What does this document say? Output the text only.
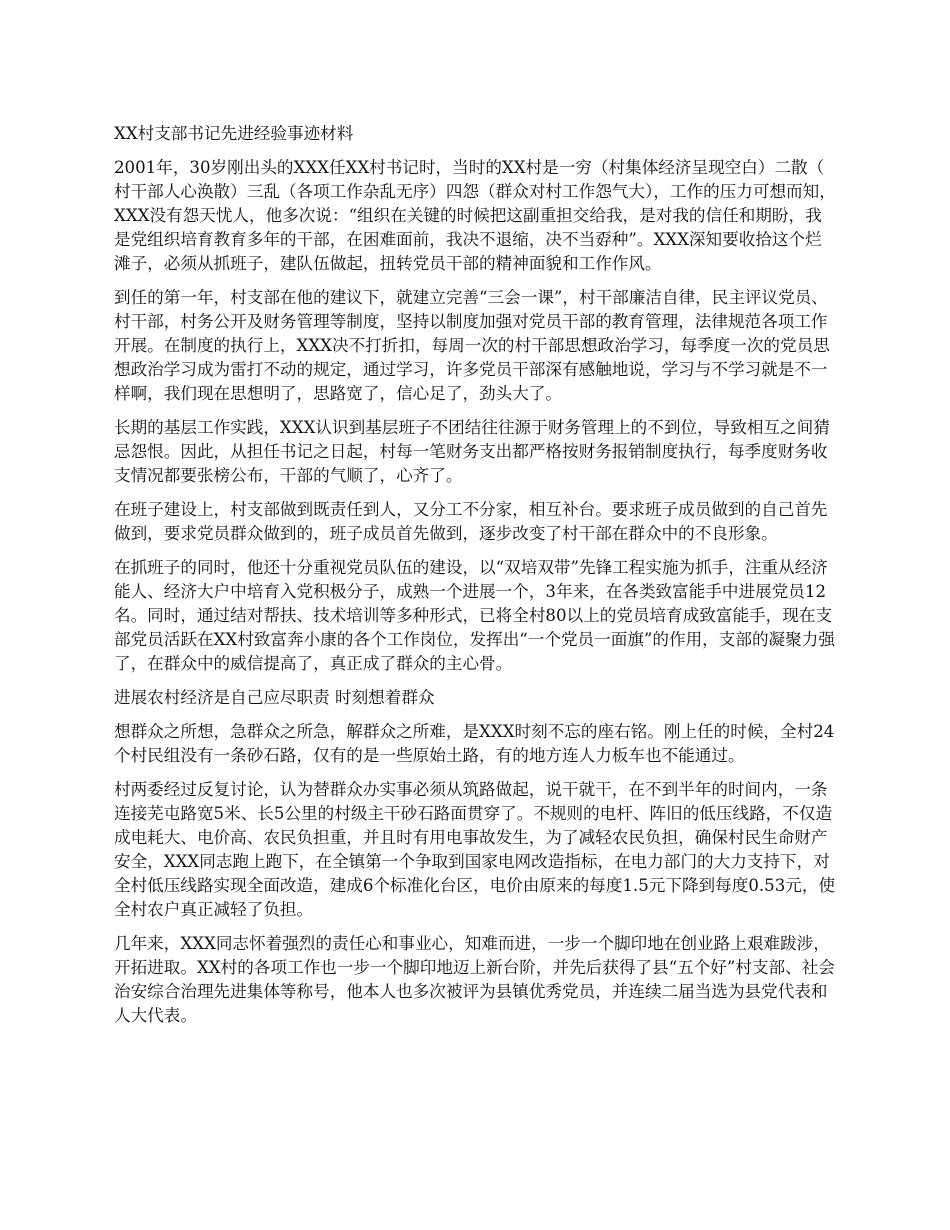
XX村支部书记先进经验事迹材料

2001年，30岁刚出头的XXX任XX村书记时，当时的XX村是一穷（村集体经济呈现空白）二散（村干部人心涣散）三乱（各项工作杂乱无序）四怨（群众对村工作怨气大），工作的压力可想而知，XXX没有怨天忧人，他多次说：“组织在关键的时候把这副重担交给我，是对我的信任和期盼，我是党组织培育教育多年的干部，在困难面前，我决不退缩，决不当孬种”。XXX深知要收拾这个烂滩子，必须从抓班子，建队伍做起，扭转党员干部的精神面貌和工作作风。

到任的第一年，村支部在他的建议下，就建立完善“三会一课”，村干部廉洁自律，民主评议党员、村干部，村务公开及财务管理等制度，坚持以制度加强对党员干部的教育管理，法律规范各项工作开展。在制度的执行上，XXX决不打折扣，每周一次的村干部思想政治学习，每季度一次的党员思想政治学习成为雷打不动的规定，通过学习，许多党员干部深有感触地说，学习与不学习就是不一样啊，我们现在思想明了，思路宽了，信心足了，劲头大了。

长期的基层工作实践，XXX认识到基层班子不团结往往源于财务管理上的不到位，导致相互之间猜忌怨恨。因此，从担任书记之日起，村每一笔财务支出都严格按财务报销制度执行，每季度财务收支情况都要张榜公布，干部的气顺了，心齐了。

在班子建设上，村支部做到既责任到人，又分工不分家，相互补台。要求班子成员做到的自己首先做到，要求党员群众做到的，班子成员首先做到，逐步改变了村干部在群众中的不良形象。

在抓班子的同时，他还十分重视党员队伍的建设，以“双培双带”先锋工程实施为抓手，注重从经济能人、经济大户中培育入党积极分子，成熟一个进展一个，3年来，在各类致富能手中进展党员12名。同时，通过结对帮扶、技术培训等多种形式，已将全村80以上的党员培育成致富能手，现在支部党员活跃在XX村致富奔小康的各个工作岗位，发挥出“一个党员一面旗”的作用，支部的凝聚力强了，在群众中的威信提高了，真正成了群众的主心骨。

进展农村经济是自己应尽职责 时刻想着群众

想群众之所想，急群众之所急，解群众之所难，是XXX时刻不忘的座右铭。刚上任的时候，全村24个村民组没有一条砂石路，仅有的是一些原始土路，有的地方连人力板车也不能通过。

村两委经过反复讨论，认为替群众办实事必须从筑路做起，说干就干，在不到半年的时间内，一条连接芜屯路宽5米、长5公里的村级主干砂石路面贯穿了。不规则的电杆、阵旧的低压线路，不仅造成电耗大、电价高、农民负担重，并且时有用电事故发生，为了减轻农民负担，确保村民生命财产安全，XXX同志跑上跑下，在全镇第一个争取到国家电网改造指标，在电力部门的大力支持下，对全村低压线路实现全面改造，建成6个标准化台区，电价由原来的每度1.5元下降到每度0.53元，使全村农户真正减轻了负担。

几年来，XXX同志怀着强烈的责任心和事业心，知难而进，一步一个脚印地在创业路上艰难跋涉，开拓进取。XX村的各项工作也一步一个脚印地迈上新台阶，并先后获得了县“五个好”村支部、社会治安综合治理先进集体等称号，他本人也多次被评为县镇优秀党员，并连续二届当选为县党代表和人大代表。
